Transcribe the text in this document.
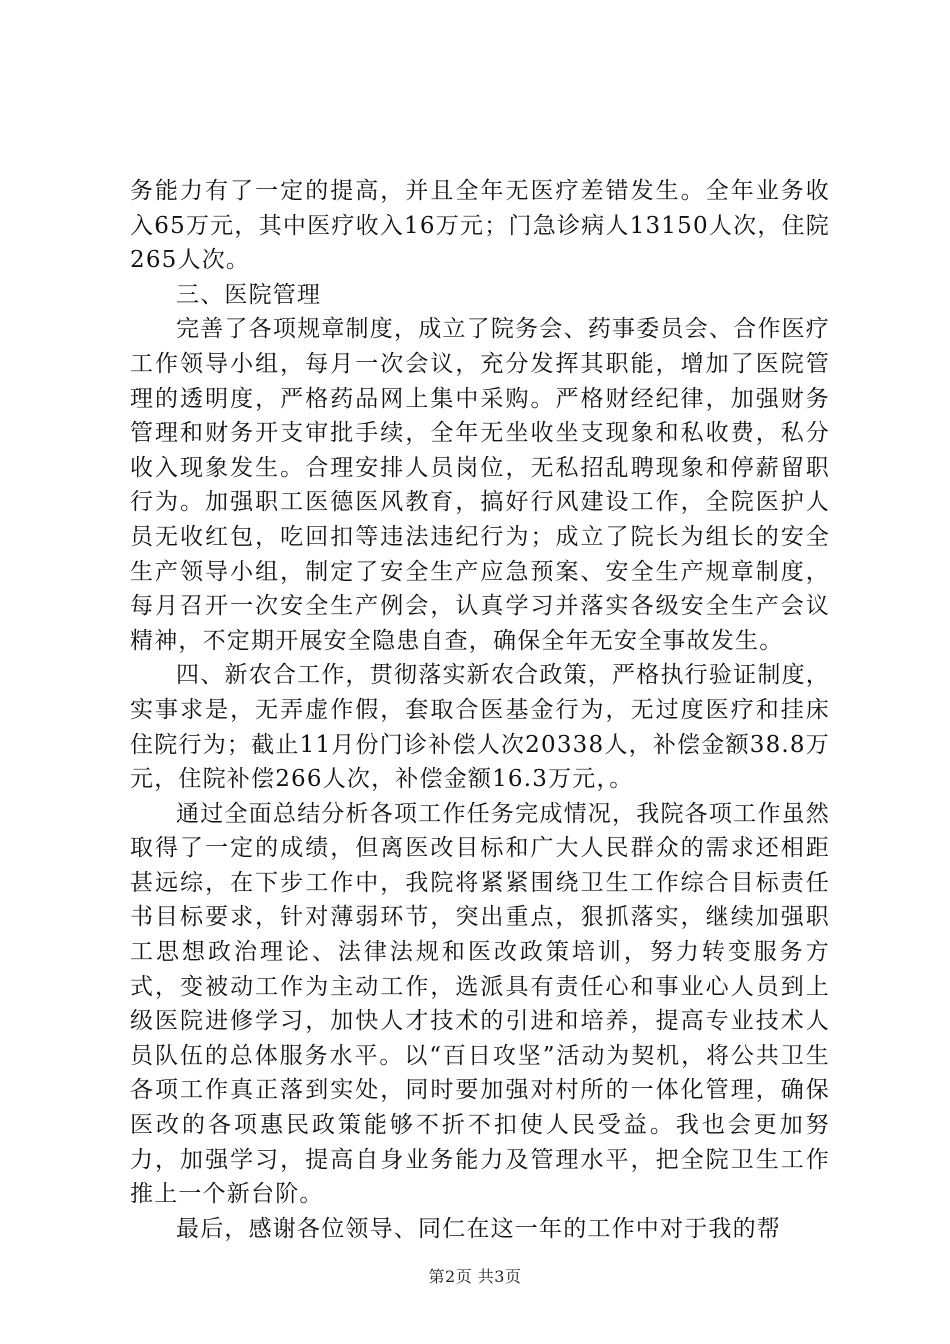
务能力有了一定的提高，并且全年无医疗差错发生。全年业务收入65万元，其中医疗收入16万元；门急诊病人13150人次，住院265人次。

三、医院管理

完善了各项规章制度，成立了院务会、药事委员会、合作医疗工作领导小组，每月一次会议，充分发挥其职能，增加了医院管理的透明度，严格药品网上集中采购。严格财经纪律，加强财务管理和财务开支审批手续，全年无坐收坐支现象和私收费，私分收入现象发生。合理安排人员岗位，无私招乱聘现象和停薪留职行为。加强职工医德医风教育，搞好行风建设工作，全院医护人员无收红包，吃回扣等违法违纪行为；成立了院长为组长的安全生产领导小组，制定了安全生产应急预案、安全生产规章制度，每月召开一次安全生产例会，认真学习并落实各级安全生产会议精神，不定期开展安全隐患自查，确保全年无安全事故发生。

四、新农合工作，贯彻落实新农合政策，严格执行验证制度，实事求是，无弄虚作假，套取合医基金行为，无过度医疗和挂床住院行为；截止11月份门诊补偿人次20338人，补偿金额38.8万元，住院补偿266人次，补偿金额16.3万元，。

通过全面总结分析各项工作任务完成情况，我院各项工作虽然取得了一定的成绩，但离医改目标和广大人民群众的需求还相距甚远综，在下步工作中，我院将紧紧围绕卫生工作综合目标责任书目标要求，针对薄弱环节，突出重点，狠抓落实，继续加强职工思想政治理论、法律法规和医改政策培训，努力转变服务方式，变被动工作为主动工作，选派具有责任心和事业心人员到上级医院进修学习，加快人才技术的引进和培养，提高专业技术人员队伍的总体服务水平。以“百日攻坚”活动为契机，将公共卫生各项工作真正落到实处，同时要加强对村所的一体化管理，确保医改的各项惠民政策能够不折不扣使人民受益。我也会更加努力，加强学习，提高自身业务能力及管理水平，把全院卫生工作推上一个新台阶。

最后，感谢各位领导、同仁在这一年的工作中对于我的帮

第2页 共3页
